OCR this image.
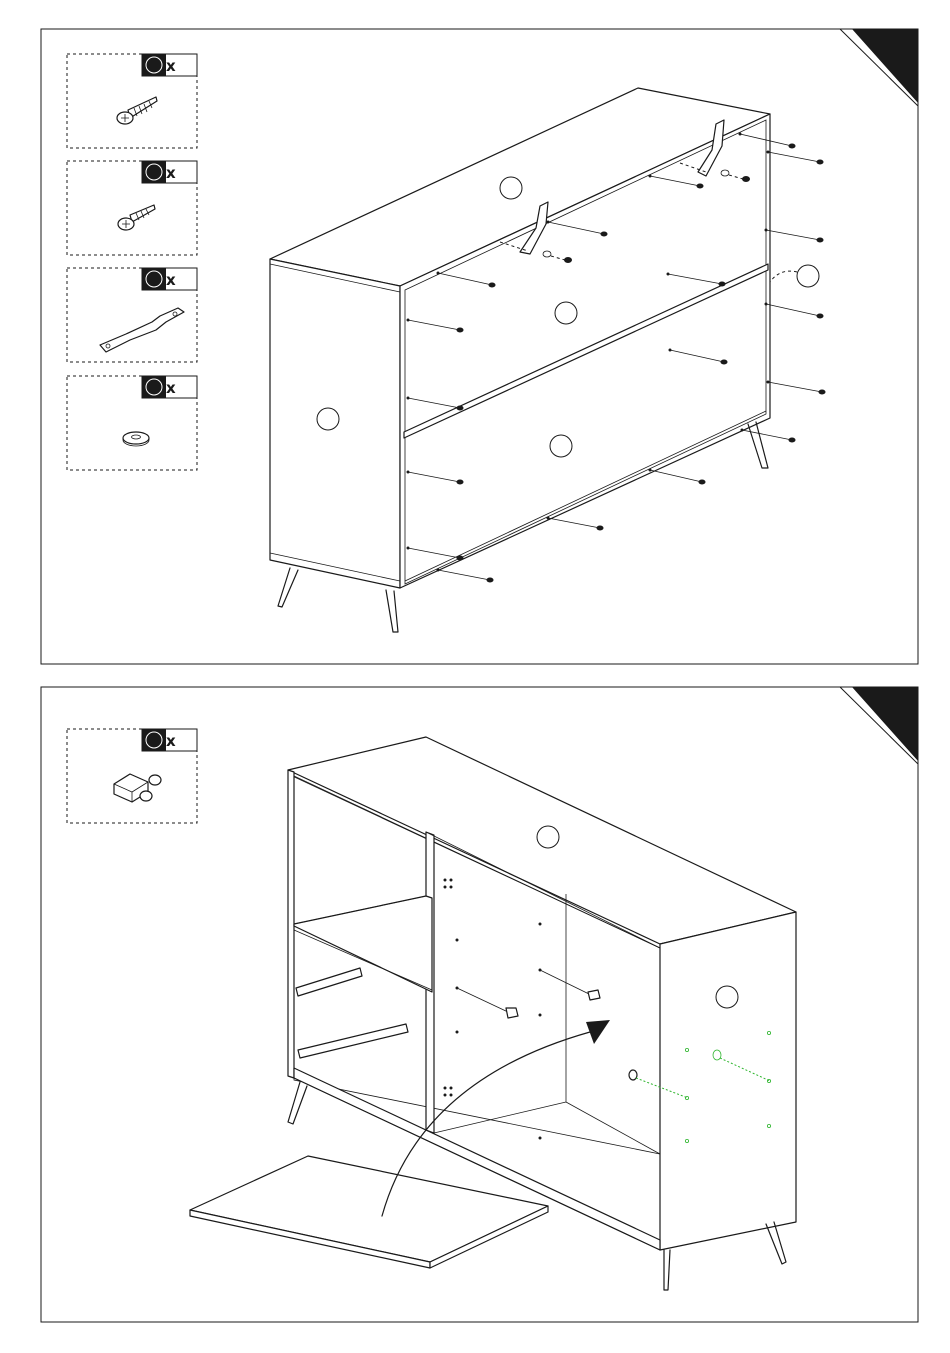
x
x
x
x
x
